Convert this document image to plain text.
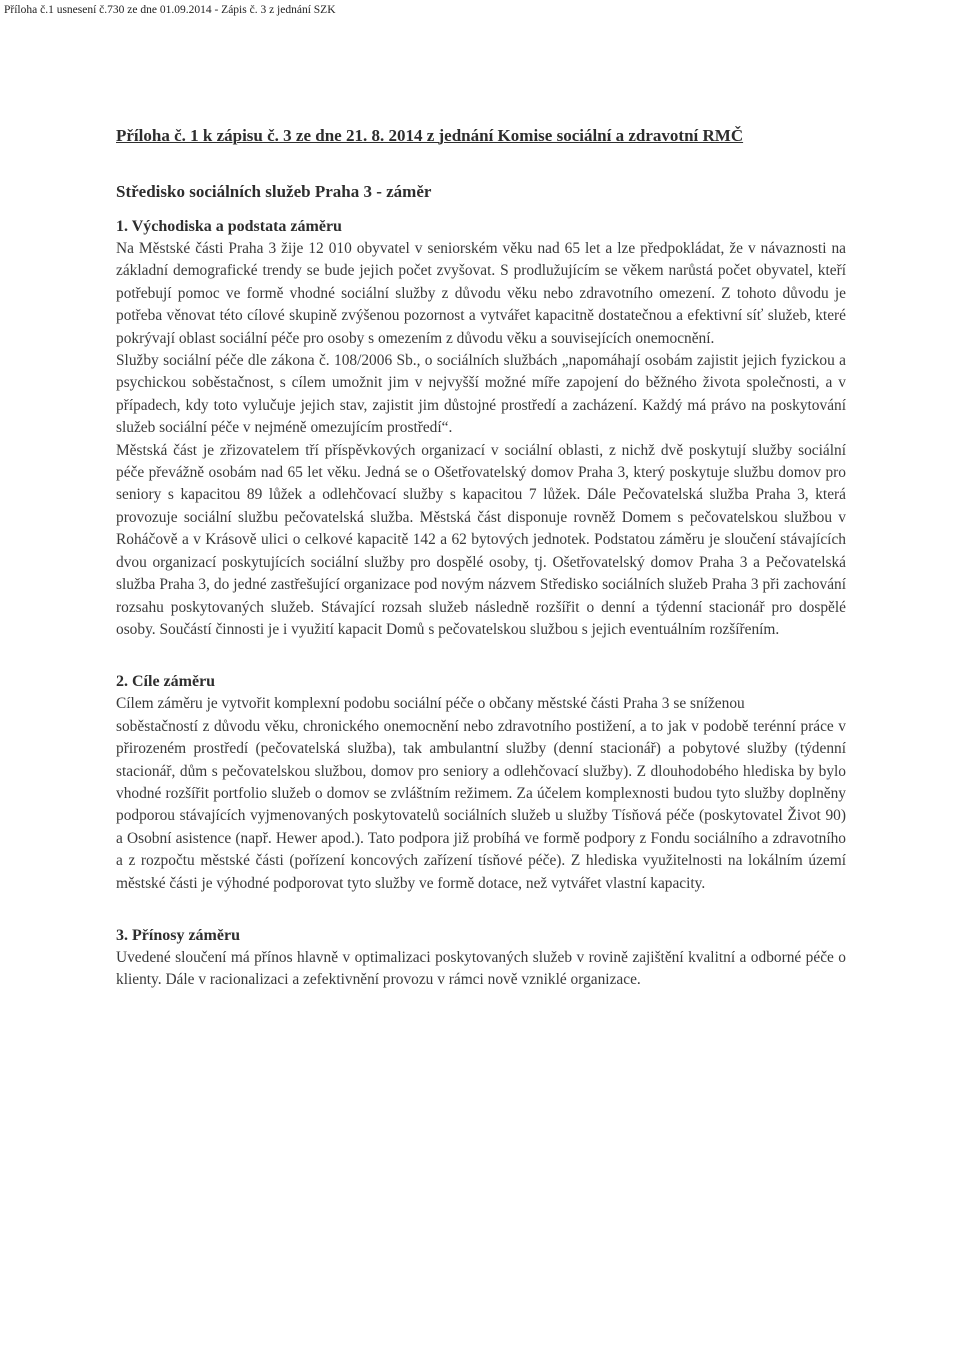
Příloha č.1 usnesení č.730 ze dne 01.09.2014 - Zápis č. 3 z jednání SZK
Příloha č. 1 k zápisu č. 3 ze dne 21. 8. 2014 z jednání Komise sociální a zdravotní RMČ
Středisko sociálních služeb Praha 3 - záměr
1. Východiska a podstata záměru

Na Městské části Praha 3 žije 12 010 obyvatel v seniorském věku nad 65 let a lze předpokládat, že v návaznosti na základní demografické trendy se bude jejich počet zvyšovat. S prodlužujícím se věkem narůstá počet obyvatel, kteří potřebují pomoc ve formě vhodné sociální služby z důvodu věku nebo zdravotního omezení. Z tohoto důvodu je potřeba věnovat této cílové skupině zvýšenou pozornost a vytvářet kapacitně dostatečnou a efektivní síť služeb, které pokrývají oblast sociální péče pro osoby s omezením z důvodu věku a souvisejících onemocnění.

Služby sociální péče dle zákona č. 108/2006 Sb., o sociálních službách „napomáhají osobám zajistit jejich fyzickou a psychickou soběstačnost, s cílem umožnit jim v nejvyšší možné míře zapojení do běžného života společnosti, a v případech, kdy toto vylučuje jejich stav, zajistit jim důstojné prostředí a zacházení. Každý má právo na poskytování služeb sociální péče v nejméně omezujícím prostředí“.

Městská část je zřizovatelem tří příspěvkových organizací v sociální oblasti, z nichž dvě poskytují služby sociální péče převážně osobám nad 65 let věku. Jedná se o Ošetřovatelský domov Praha 3, který poskytuje službu domov pro seniory s kapacitou 89 lůžek a odlehčovací služby s kapacitou 7 lůžek. Dále Pečovatelská služba Praha 3, která provozuje sociální službu pečovatelská služba. Městská část disponuje rovněž Domem s pečovatelskou službou v Roháčově a v Krásově ulici o celkové kapacitě 142 a 62 bytových jednotek. Podstatou záměru je sloučení stávajících dvou organizací poskytujících sociální služby pro dospělé osoby, tj. Ošetřovatelský domov Praha 3 a Pečovatelská služba Praha 3, do jedné zastřešující organizace pod novým názvem Středisko sociálních služeb Praha 3 při zachování rozsahu poskytovaných služeb. Stávající rozsah služeb následně rozšířit o denní a týdenní stacionář pro dospělé osoby. Součástí činnosti je i využití kapacit Domů s pečovatelskou službou s jejich eventuálním rozšířením.

2. Cíle záměru

Cílem záměru je vytvořit komplexní podobu sociální péče o občany městské části Praha 3 se sníženou

soběstačností z důvodu věku, chronického onemocnění nebo zdravotního postižení, a to jak v podobě terénní práce v přirozeném prostředí (pečovatelská služba), tak ambulantní služby (denní stacionář) a pobytové služby (týdenní stacionář, dům s pečovatelskou službou, domov pro seniory a odlehčovací služby). Z dlouhodobého hlediska by bylo vhodné rozšířit portfolio služeb o domov se zvláštním režimem. Za účelem komplexnosti budou tyto služby doplněny podporou stávajících vyjmenovaných poskytovatelů sociálních služeb u služby Tísňová péče (poskytovatel Život 90) a Osobní asistence (např. Hewer apod.). Tato podpora již probíhá ve formě podpory z Fondu sociálního a zdravotního a z rozpočtu městské části (pořízení koncových zařízení tísňové péče). Z hlediska využitelnosti na lokálním území městské části je výhodné podporovat tyto služby ve formě dotace, než vytvářet vlastní kapacity.

3. Přínosy záměru

Uvedené sloučení má přínos hlavně v optimalizaci poskytovaných služeb v rovině zajištění kvalitní a odborné péče o klienty. Dále v racionalizaci a zefektivnění provozu v rámci nově vzniklé organizace.
